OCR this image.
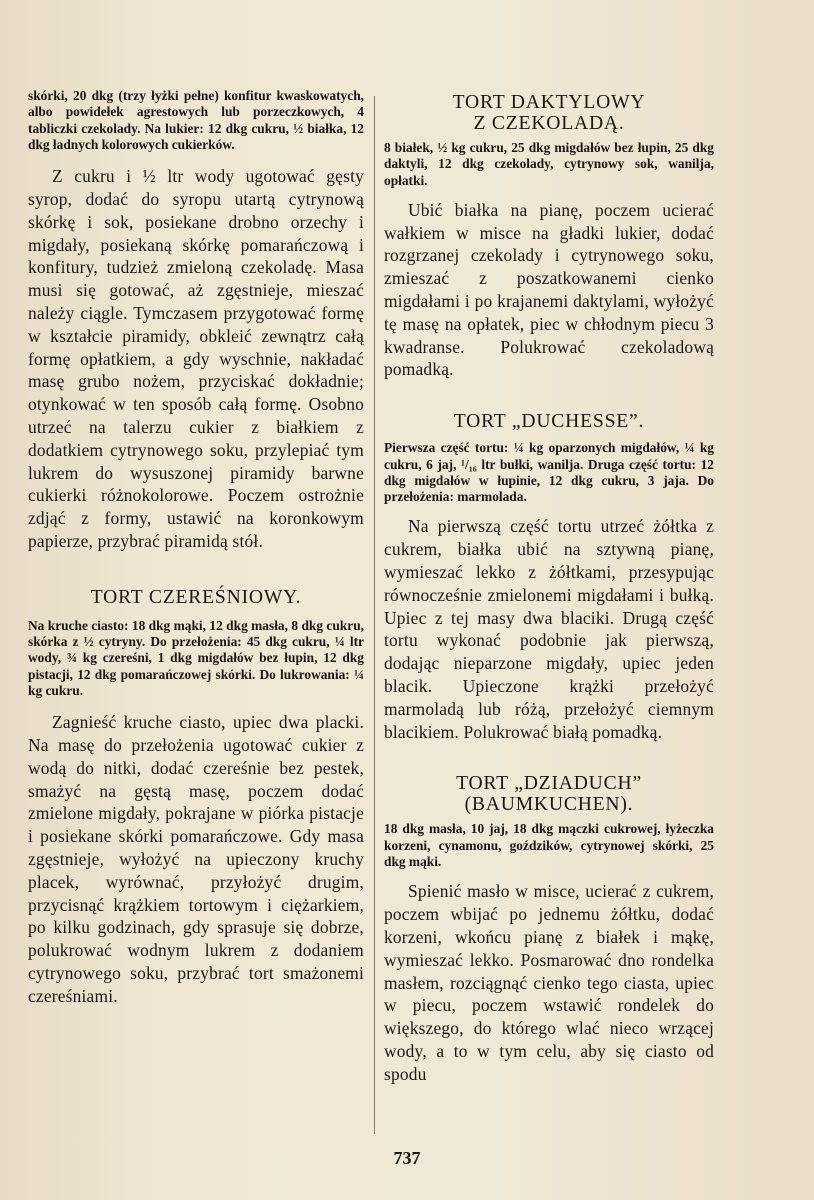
skórki, 20 dkg (trzy łyżki pełne) konfitur kwaskowatych, albo powidełek agrestowych lub porzeczkowych, 4 tabliczki czekolady. Na lukier: 12 dkg cukru, ½ białka, 12 dkg ładnych kolorowych cukierków.

Z cukru i ½ ltr wody ugotować gęsty syrop, dodać do syropu utartą cytrynową skórkę i sok, posiekane drobno orzechy i migdały, posiekaną skórkę pomarańczową i konfitury, tudzież zmieloną czekoladę. Masa musi się gotować, aż zgęstnieje, mieszać należy ciągle. Tymczasem przygotować formę w kształcie piramidy, obkleić zewnątrz całą formę opłatkiem, a gdy wyschnie, nakładać masę grubo nożem, przyciskać dokładnie; otynkować w ten sposób całą formę. Osobno utrzeć na talerzu cukier z białkiem z dodatkiem cytrynowego soku, przylepiać tym lukrem do wysuszonej piramidy barwne cukierki różnokolorowe. Poczem ostrożnie zdjąć z formy, ustawić na koronkowym papierze, przybrać piramidą stół.

TORT CZEREŚNIOWY.

Na kruche ciasto: 18 dkg mąki, 12 dkg masła, 8 dkg cukru, skórka z ½ cytryny. Do przełożenia: 45 dkg cukru, ¼ ltr wody, ¾ kg czereśni, 1 dkg migdałów bez łupin, 12 dkg pistacji, 12 dkg pomarańczowej skórki. Do lukrowania: ¼ kg cukru.

Zagnieść kruche ciasto, upiec dwa placki. Na masę do przełożenia ugotować cukier z wodą do nitki, dodać czereśnie bez pestek, smażyć na gęstą masę, poczem dodać zmielone migdały, pokrajane w piórka pistacje i posiekane skórki pomarańczowe. Gdy masa zgęstnieje, wyłożyć na upieczony kruchy placek, wyrównać, przyłożyć drugim, przycisnąć krążkiem tortowym i ciężarkiem, po kilku godzinach, gdy sprasuje się dobrze, polukrować wodnym lukrem z dodaniem cytrynowego soku, przybrać tort smażonemi czereśniami.

TORT DAKTYLOWY
Z CZEKOLADĄ.

8 białek, ½ kg cukru, 25 dkg migdałów bez łupin, 25 dkg daktyli, 12 dkg czekolady, cytrynowy sok, wanilja, opłatki.

Ubić białka na pianę, poczem ucierać wałkiem w misce na gładki lukier, dodać rozgrzanej czekolady i cytrynowego soku, zmieszać z poszatkowanemi cienko migdałami i po krajanemi daktylami, wyłożyć tę masę na opłatek, piec w chłodnym piecu 3 kwadranse. Polukrować czekoladową pomadką.

TORT „DUCHESSE”.

Pierwsza część tortu: ¼ kg oparzonych migdałów, ¼ kg cukru, 6 jaj, ¹/₁₆ ltr bułki, wanilja. Druga część tortu: 12 dkg migdałów w łupinie, 12 dkg cukru, 3 jaja. Do przełożenia: marmolada.

Na pierwszą część tortu utrzeć żółtka z cukrem, białka ubić na sztywną pianę, wymieszać lekko z żółtkami, przesypując równocześnie zmielonemi migdałami i bułką. Upiec z tej masy dwa blaciki. Drugą część tortu wykonać podobnie jak pierwszą, dodając nieparzone migdały, upiec jeden blacik. Upieczone krążki przełożyć marmoladą lub różą, przełożyć ciemnym blacikiem. Polukrować białą pomadką.

TORT „DZIADUCH”
(BAUMKUCHEN).

18 dkg masła, 10 jaj, 18 dkg mączki cukrowej, łyżeczka korzeni, cynamonu, goździków, cytrynowej skórki, 25 dkg mąki.

Spienić masło w misce, ucierać z cukrem, poczem wbijać po jednemu żółtku, dodać korzeni, wkońcu pianę z białek i mąkę, wymieszać lekko. Posmarować dno rondelka masłem, rozciągnąć cienko tego ciasta, upiec w piecu, poczem wstawić rondelek do większego, do którego wlać nieco wrzącej wody, a to w tym celu, aby się ciasto od spodu

737
